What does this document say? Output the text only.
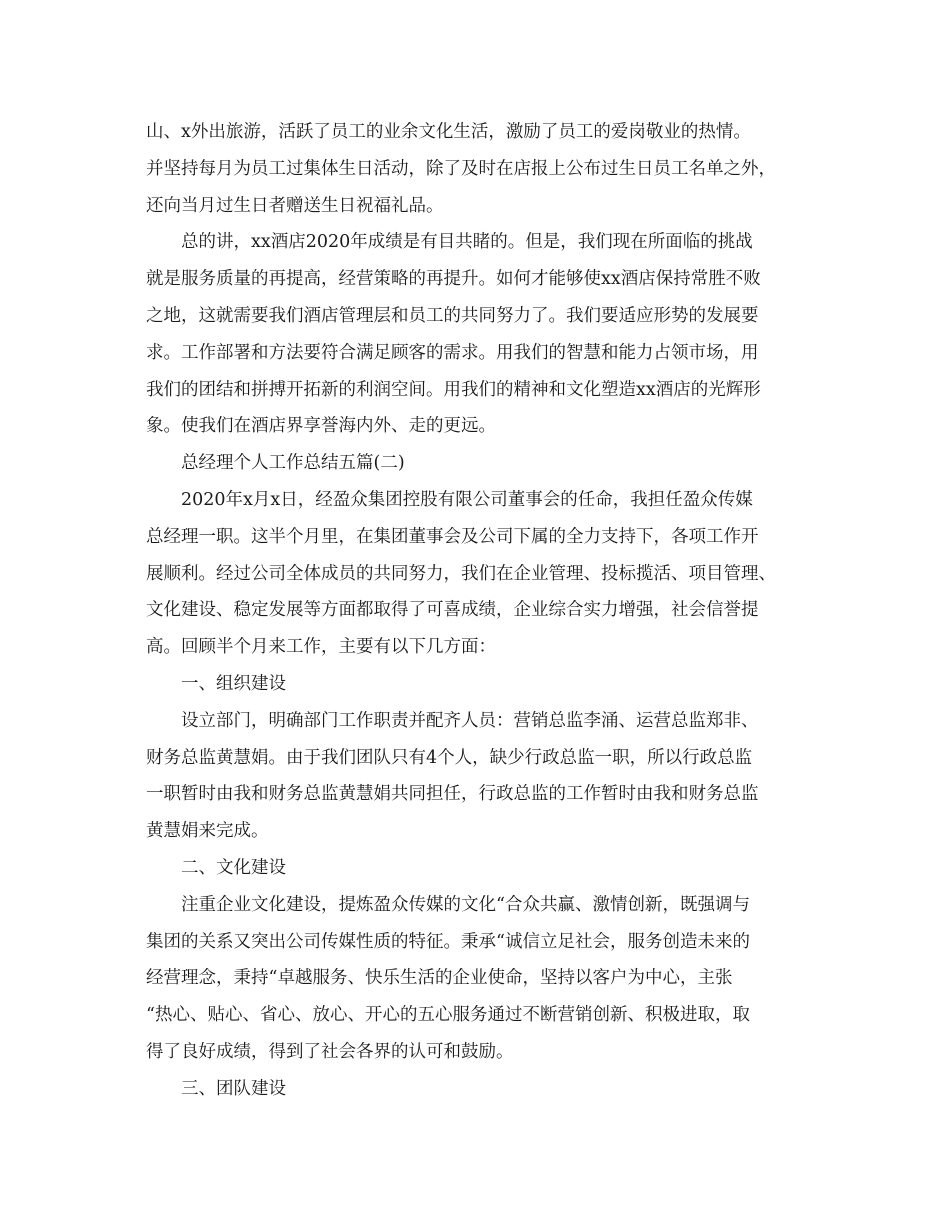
山、x外出旅游，活跃了员工的业余文化生活，激励了员工的爱岗敬业的热情。
并坚持每月为员工过集体生日活动，除了及时在店报上公布过生日员工名单之外，
还向当月过生日者赠送生日祝福礼品。
总的讲，xx酒店2020年成绩是有目共睹的。但是，我们现在所面临的挑战
就是服务质量的再提高，经营策略的再提升。如何才能够使xx酒店保持常胜不败
之地，这就需要我们酒店管理层和员工的共同努力了。我们要适应形势的发展要
求。工作部署和方法要符合满足顾客的需求。用我们的智慧和能力占领市场，用
我们的团结和拼搏开拓新的利润空间。用我们的精神和文化塑造xx酒店的光辉形
象。使我们在酒店界享誉海内外、走的更远。
总经理个人工作总结五篇(二)
2020年x月x日，经盈众集团控股有限公司董事会的任命，我担任盈众传媒
总经理一职。这半个月里，在集团董事会及公司下属的全力支持下，各项工作开
展顺利。经过公司全体成员的共同努力，我们在企业管理、投标揽活、项目管理、
文化建设、稳定发展等方面都取得了可喜成绩，企业综合实力增强，社会信誉提
高。回顾半个月来工作，主要有以下几方面：
一、组织建设
设立部门，明确部门工作职责并配齐人员：营销总监李涌、运营总监郑非、
财务总监黄慧娟。由于我们团队只有4个人，缺少行政总监一职，所以行政总监
一职暂时由我和财务总监黄慧娟共同担任，行政总监的工作暂时由我和财务总监
黄慧娟来完成。
二、文化建设
注重企业文化建设，提炼盈众传媒的文化“合众共赢、激情创新，既强调与
集团的关系又突出公司传媒性质的特征。秉承“诚信立足社会，服务创造未来的
经营理念，秉持“卓越服务、快乐生活的企业使命，坚持以客户为中心，主张
“热心、贴心、省心、放心、开心的五心服务通过不断营销创新、积极进取，取
得了良好成绩，得到了社会各界的认可和鼓励。
三、团队建设
